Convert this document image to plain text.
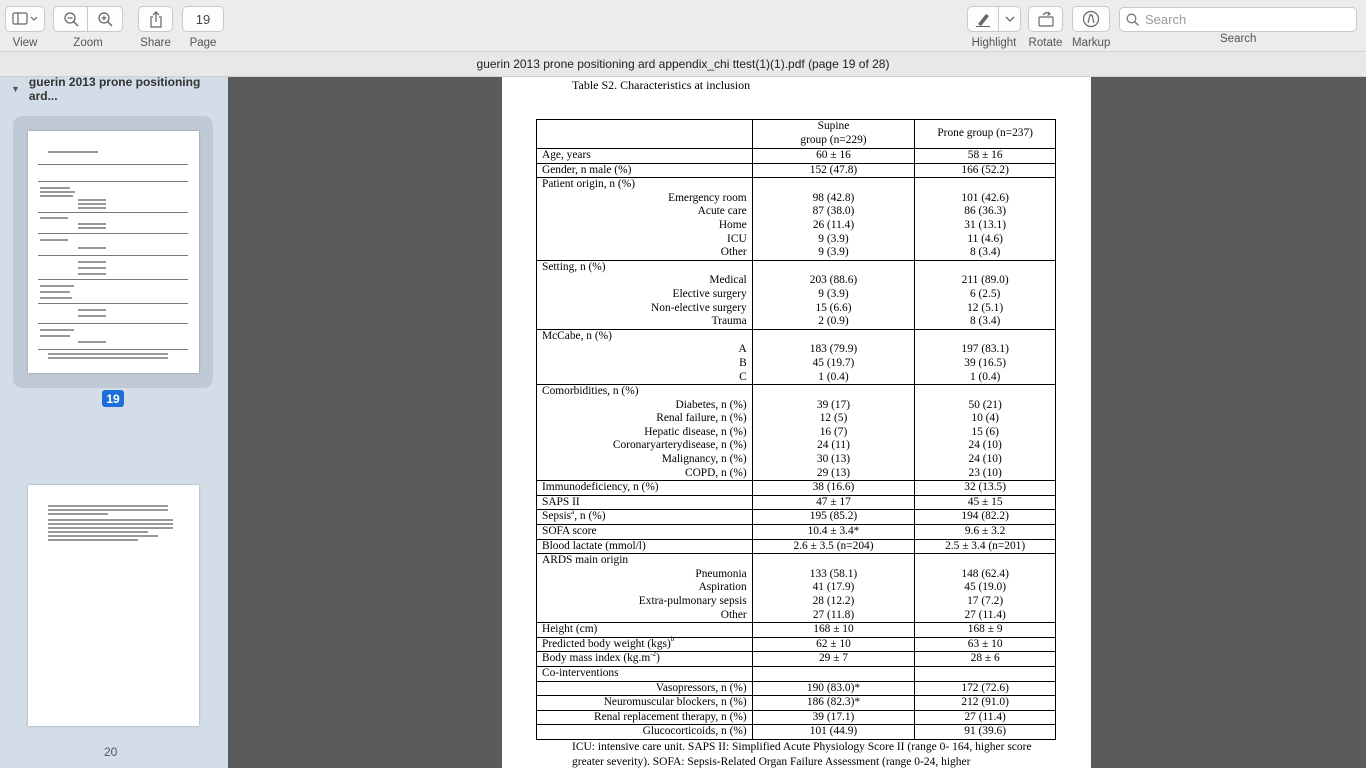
View	Zoom	Share
19
Page	Highlight Rotate Markup
Search	Search
guerin 2013 prone positioning ard appendix_chi ttest(1)(1).pdf (page 19 of 28)
▼ guerin 2013 prone positioning ard...
19
20
Table S2. Characteristics at inclusion
	Supine
group (n=229)	Prone group (n=237)
Age, years	60 ± 16	58 ± 16
Gender, n male (%)	152 (47.8)	166 (52.2)
Patient origin, n (%)		
Emergency room	98 (42.8)	101 (42.6)
Acute care	87 (38.0)	86 (36.3)
Home	26 (11.4)	31 (13.1)
ICU	9 (3.9)	11 (4.6)
Other	9 (3.9)	8 (3.4)
Setting, n (%)		
Medical	203 (88.6)	211 (89.0)
Elective surgery	9 (3.9)	6 (2.5)
Non-elective surgery	15 (6.6)	12 (5.1)
Trauma	2 (0.9)	8 (3.4)
McCabe, n (%)		
A	183 (79.9)	197 (83.1)
B	45 (19.7)	39 (16.5)
C	1 (0.4)	1 (0.4)
Comorbidities, n (%)		
Diabetes, n (%)	39 (17)	50 (21)
Renal failure, n (%)	12 (5)	10 (4)
Hepatic disease, n (%)	16 (7)	15 (6)
Coronaryarterydisease, n (%)	24 (11)	24 (10)
Malignancy, n (%)	30 (13)	24 (10)
COPD, n (%)	29 (13)	23 (10)
Immunodeficiency, n (%)	38 (16.6)	32 (13.5)
SAPS II	47 ± 17	45 ± 15
Sepsis$^a$, n (%)	195 (85.2)	194 (82.2)
SOFA score	10.4 ± 3.4*	9.6 ± 3.2
Blood lactate (mmol/l)	2.6 ± 3.5 (n=204)	2.5 ± 3.4 (n=201)
ARDS main origin		
Pneumonia	133 (58.1)	148 (62.4)
Aspiration	41 (17.9)	45 (19.0)
Extra-pulmonary sepsis	28 (12.2)	17 (7.2)
Other	27 (11.8)	27 (11.4)
Height (cm)	168 ± 10	168 ± 9
Predicted body weight (kgs)$^b$	62 ± 10	63 ± 10
Body mass index $(kg.m^{-2})$	29 ± 7	28 ± 6
Co-interventions		
Vasopressors, n (%)	190 (83.0)*	172 (72.6)
Neuromuscular blockers, n (%)	186 (82.3)*	212 (91.0)
Renal replacement therapy, n (%)	39 (17.1)	27 (11.4)
Glucocorticoids, n (%)	101 (44.9)	91 (39.6)
ICU: intensive care unit. SAPS II: Simplified Acute Physiology Score II (range 0- 164, higher score greater severity). SOFA: Sepsis-Related Organ Failure Assessment (range 0-24, higher
